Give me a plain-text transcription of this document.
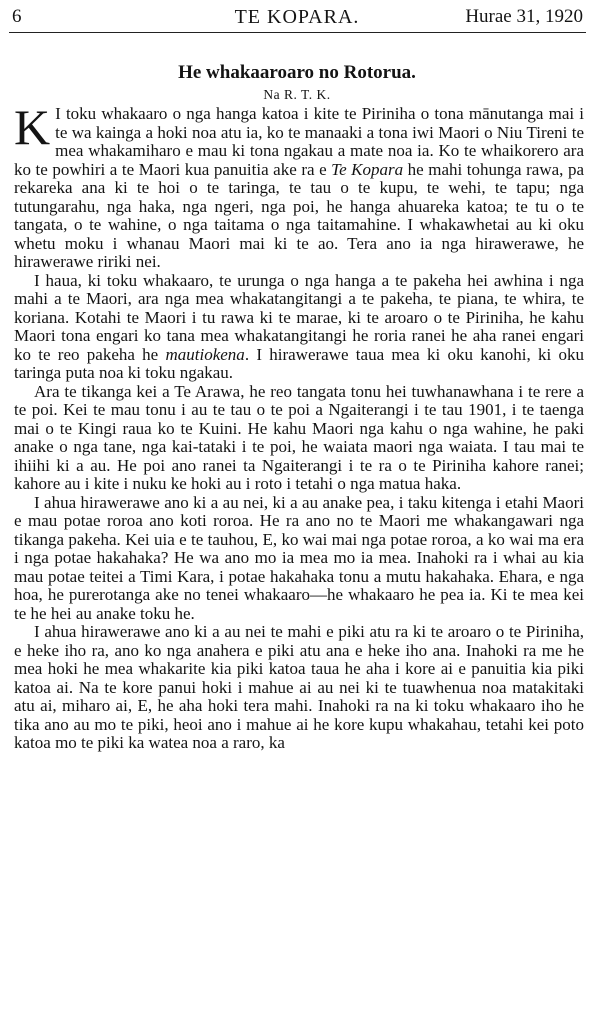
6	TE KOPARA.	Hurae 31, 1920
He whakaaroaro no Rotorua.
Na R. T. K.

K I toku whakaaro o nga hanga katoa i kite te Piriniha o tona mānutanga mai i te wa kainga a hoki noa atu ia, ko te manaaki a tona iwi Maori o Niu Tireni te mea whakamiharo e mau ki tona ngakau a mate noa ia. Ko te whaikorero ara ko te powhiri a te Maori kua panuitia ake ra e Te Kopara he mahi tohunga rawa, pa rekareka ana ki te hoi o te taringa, te tau o te kupu, te wehi, te tapu; nga tutungarahu, nga haka, nga ngeri, nga poi, he hanga ahuareka katoa; te tu o te tangata, o te wahine, o nga taitama o nga taitamahine. I whakawhetai au ki oku whetu moku i whanau Maori mai ki te ao. Tera ano ia nga hirawerawe, he hirawerawe ririki nei.

I haua, ki toku whakaaro, te urunga o nga hanga a te pakeha hei awhina i nga mahi a te Maori, ara nga mea whakatangitangi a te pakeha, te piana, te whira, te koriana. Kotahi te Maori i tu rawa ki te marae, ki te aroaro o te Piriniha, he kahu Maori tona engari ko tana mea whakatangitangi he roria ranei he aha ranei engari ko te reo pakeha he mautiokena. I hirawerawe taua mea ki oku kanohi, ki oku taringa puta noa ki toku ngakau.

Ara te tikanga kei a Te Arawa, he reo tangata tonu hei tuwhanawhana i te rere a te poi. Kei te mau tonu i au te tau o te poi a Ngaiterangi i te tau 1901, i te taenga mai o te Kingi raua ko te Kuini. He kahu Maori nga kahu o nga wahine, he paki anake o nga tane, nga kai-tataki i te poi, he waiata maori nga waiata. I tau mai te ihiihi ki a au. He poi ano ranei ta Ngaiterangi i te ra o te Piriniha kahore ranei; kahore au i kite i nuku ke hoki au i roto i tetahi o nga matua haka.

I ahua hirawerawe ano ki a au nei, ki a au anake pea, i taku kitenga i etahi Maori e mau potae roroa ano koti roroa. He ra ano no te Maori me whakangawari nga tikanga pakeha. Kei uia e te tauhou, E, ko wai mai nga potae roroa, a ko wai ma era i nga potae hakahaka? He wa ano mo ia mea mo ia mea. Inahoki ra i whai au kia mau potae teitei a Timi Kara, i potae hakahaka tonu a mutu hakahaka. Ehara, e nga hoa, he purerotanga ake no tenei whakaaro—he whakaaro he pea ia. Ki te mea kei te he hei au anake toku he.

I ahua hirawerawe ano ki a au nei te mahi e piki atu ra ki te aroaro o te Piriniha, e heke iho ra, ano ko nga anahera e piki atu ana e heke iho ana. Inahoki ra me he mea hoki he mea whakarite kia piki katoa taua he aha i kore ai e panuitia kia piki katoa ai. Na te kore panui hoki i mahue ai au nei ki te tuawhenua noa matakitaki atu ai, miharo ai, E, he aha hoki tera mahi. Inahoki ra na ki toku whakaaro iho he tika ano au mo te piki, heoi ano i mahue ai he kore kupu whakahau, tetahi kei poto katoa mo te piki ka watea noa a raro, ka
